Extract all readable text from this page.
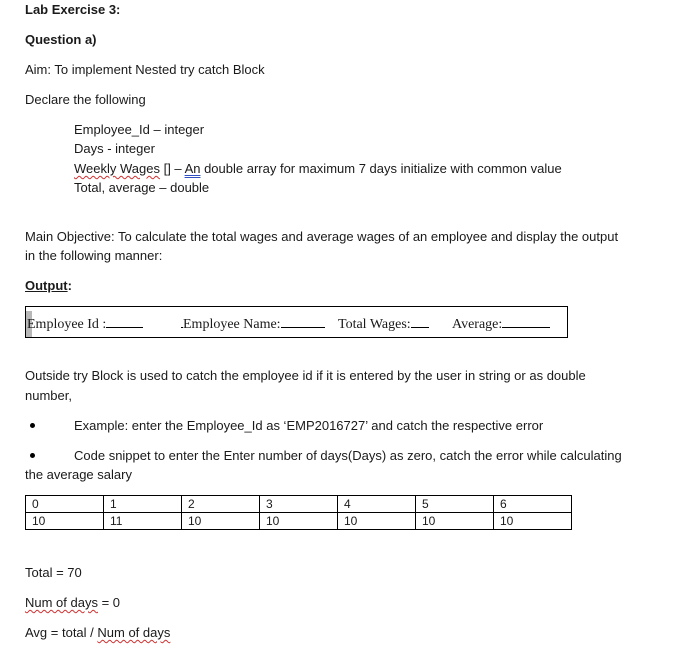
Lab Exercise 3:
Question a)
Aim: To implement Nested try catch Block
Declare the following
Employee_Id – integer
Days - integer
Weekly Wages [] – An double array for maximum 7 days initialize with common value
Total, average – double
Main Objective: To calculate the total wages and average wages of an employee and display the output
in the following manner:
Output:
Employee Id :	Employee Name:	Total Wages:	Average:
Outside try Block is used to catch the employee id if it is entered by the user in string or as double
number,
Example: enter the Employee_Id as ‘EMP2016727’ and catch the respective error
Code snippet to enter the Enter number of days(Days) as zero, catch the error while calculating
the average salary
0	1	2	3	4	5	6
10	11	10	10	10	10	10
Total = 70
Num of days = 0
Avg = total / Num of days
